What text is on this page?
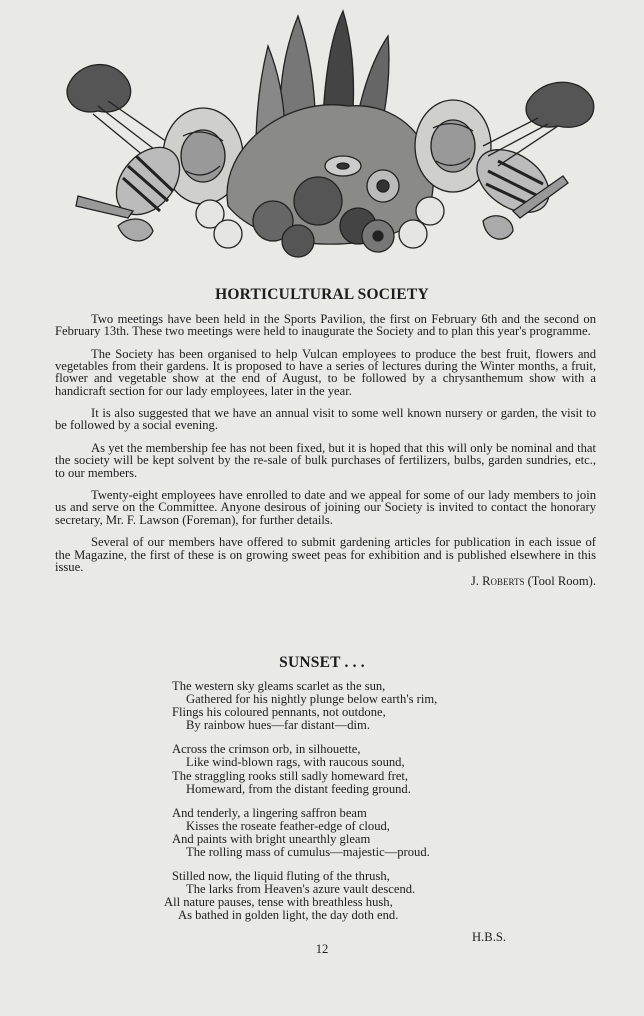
HORTICULTURAL SOCIETY

Two meetings have been held in the Sports Pavilion, the first on February 6th and the second on February 13th. These two meetings were held to inaugurate the Society and to plan this year's programme.

The Society has been organised to help Vulcan employees to produce the best fruit, flowers and vegetables from their gardens. It is proposed to have a series of lectures during the Winter months, a fruit, flower and vegetable show at the end of August, to be followed by a chrysanthemum show with a handicraft section for our lady employees, later in the year.

It is also suggested that we have an annual visit to some well known nursery or garden, the visit to be followed by a social evening.

As yet the membership fee has not been fixed, but it is hoped that this will only be nominal and that the society will be kept solvent by the re-sale of bulk purchases of fertilizers, bulbs, garden sundries, etc., to our members.

Twenty-eight employees have enrolled to date and we appeal for some of our lady members to join us and serve on the Committee. Anyone desirous of joining our Society is invited to contact the honorary secretary, Mr. F. Lawson (Foreman), for further details.

Several of our members have offered to submit gardening articles for publication in each issue of the Magazine, the first of these is on growing sweet peas for exhibition and is published elsewhere in this issue.

J. Roberts (Tool Room).
SUNSET . . .
The western sky gleams scarlet as the sun,
Gathered for his nightly plunge below earth's rim,
Flings his coloured pennants, not outdone,
By rainbow hues—far distant—dim.
Across the crimson orb, in silhouette,
Like wind-blown rags, with raucous sound,
The straggling rooks still sadly homeward fret,
Homeward, from the distant feeding ground.
And tenderly, a lingering saffron beam
Kisses the roseate feather-edge of cloud,
And paints with bright unearthly gleam
The rolling mass of cumulus—majestic—proud.
Stilled now, the liquid fluting of the thrush,
The larks from Heaven's azure vault descend.
All nature pauses, tense with breathless hush,
As bathed in golden light, the day doth end.
H.B.S.
12
